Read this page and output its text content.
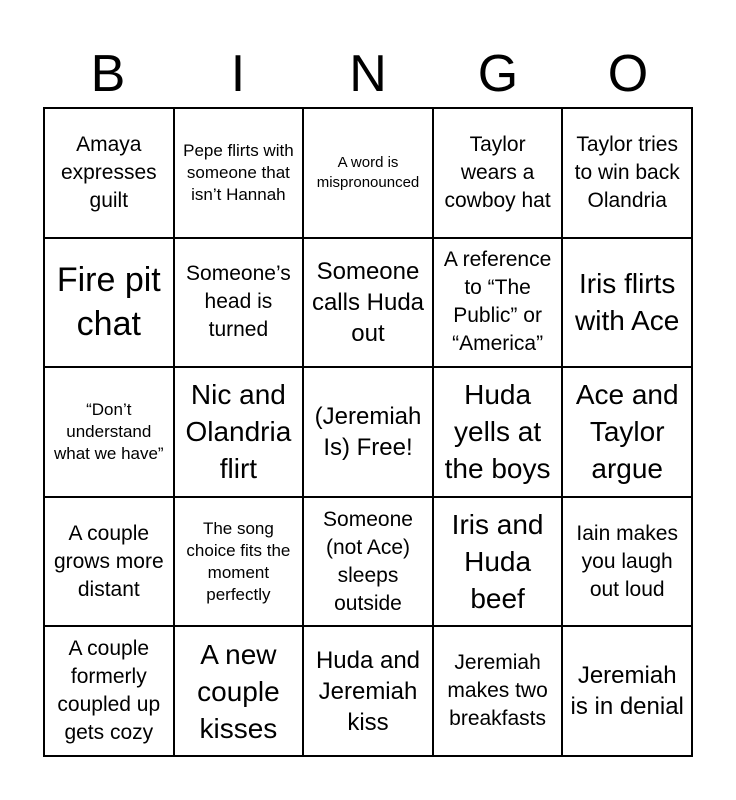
B	I	N	G	O
Amaya expresses guilt
Pepe flirts with someone that isn’t Hannah
A word is mispronounced
Taylor wears a cowboy hat
Taylor tries to win back Olandria
Fire pit chat
Someone’s head is turned
Someone calls Huda out
A reference to “The Public” or “America”
Iris flirts with Ace
“Don’t understand what we have”
Nic and Olandria flirt
(Jeremiah Is) Free!
Huda yells at the boys
Ace and Taylor argue
A couple grows more distant
The song choice fits the moment perfectly
Someone (not Ace) sleeps outside
Iris and Huda beef
Iain makes you laugh out loud
A couple formerly coupled up gets cozy
A new couple kisses
Huda and Jeremiah kiss
Jeremiah makes two breakfasts
Jeremiah is in denial
